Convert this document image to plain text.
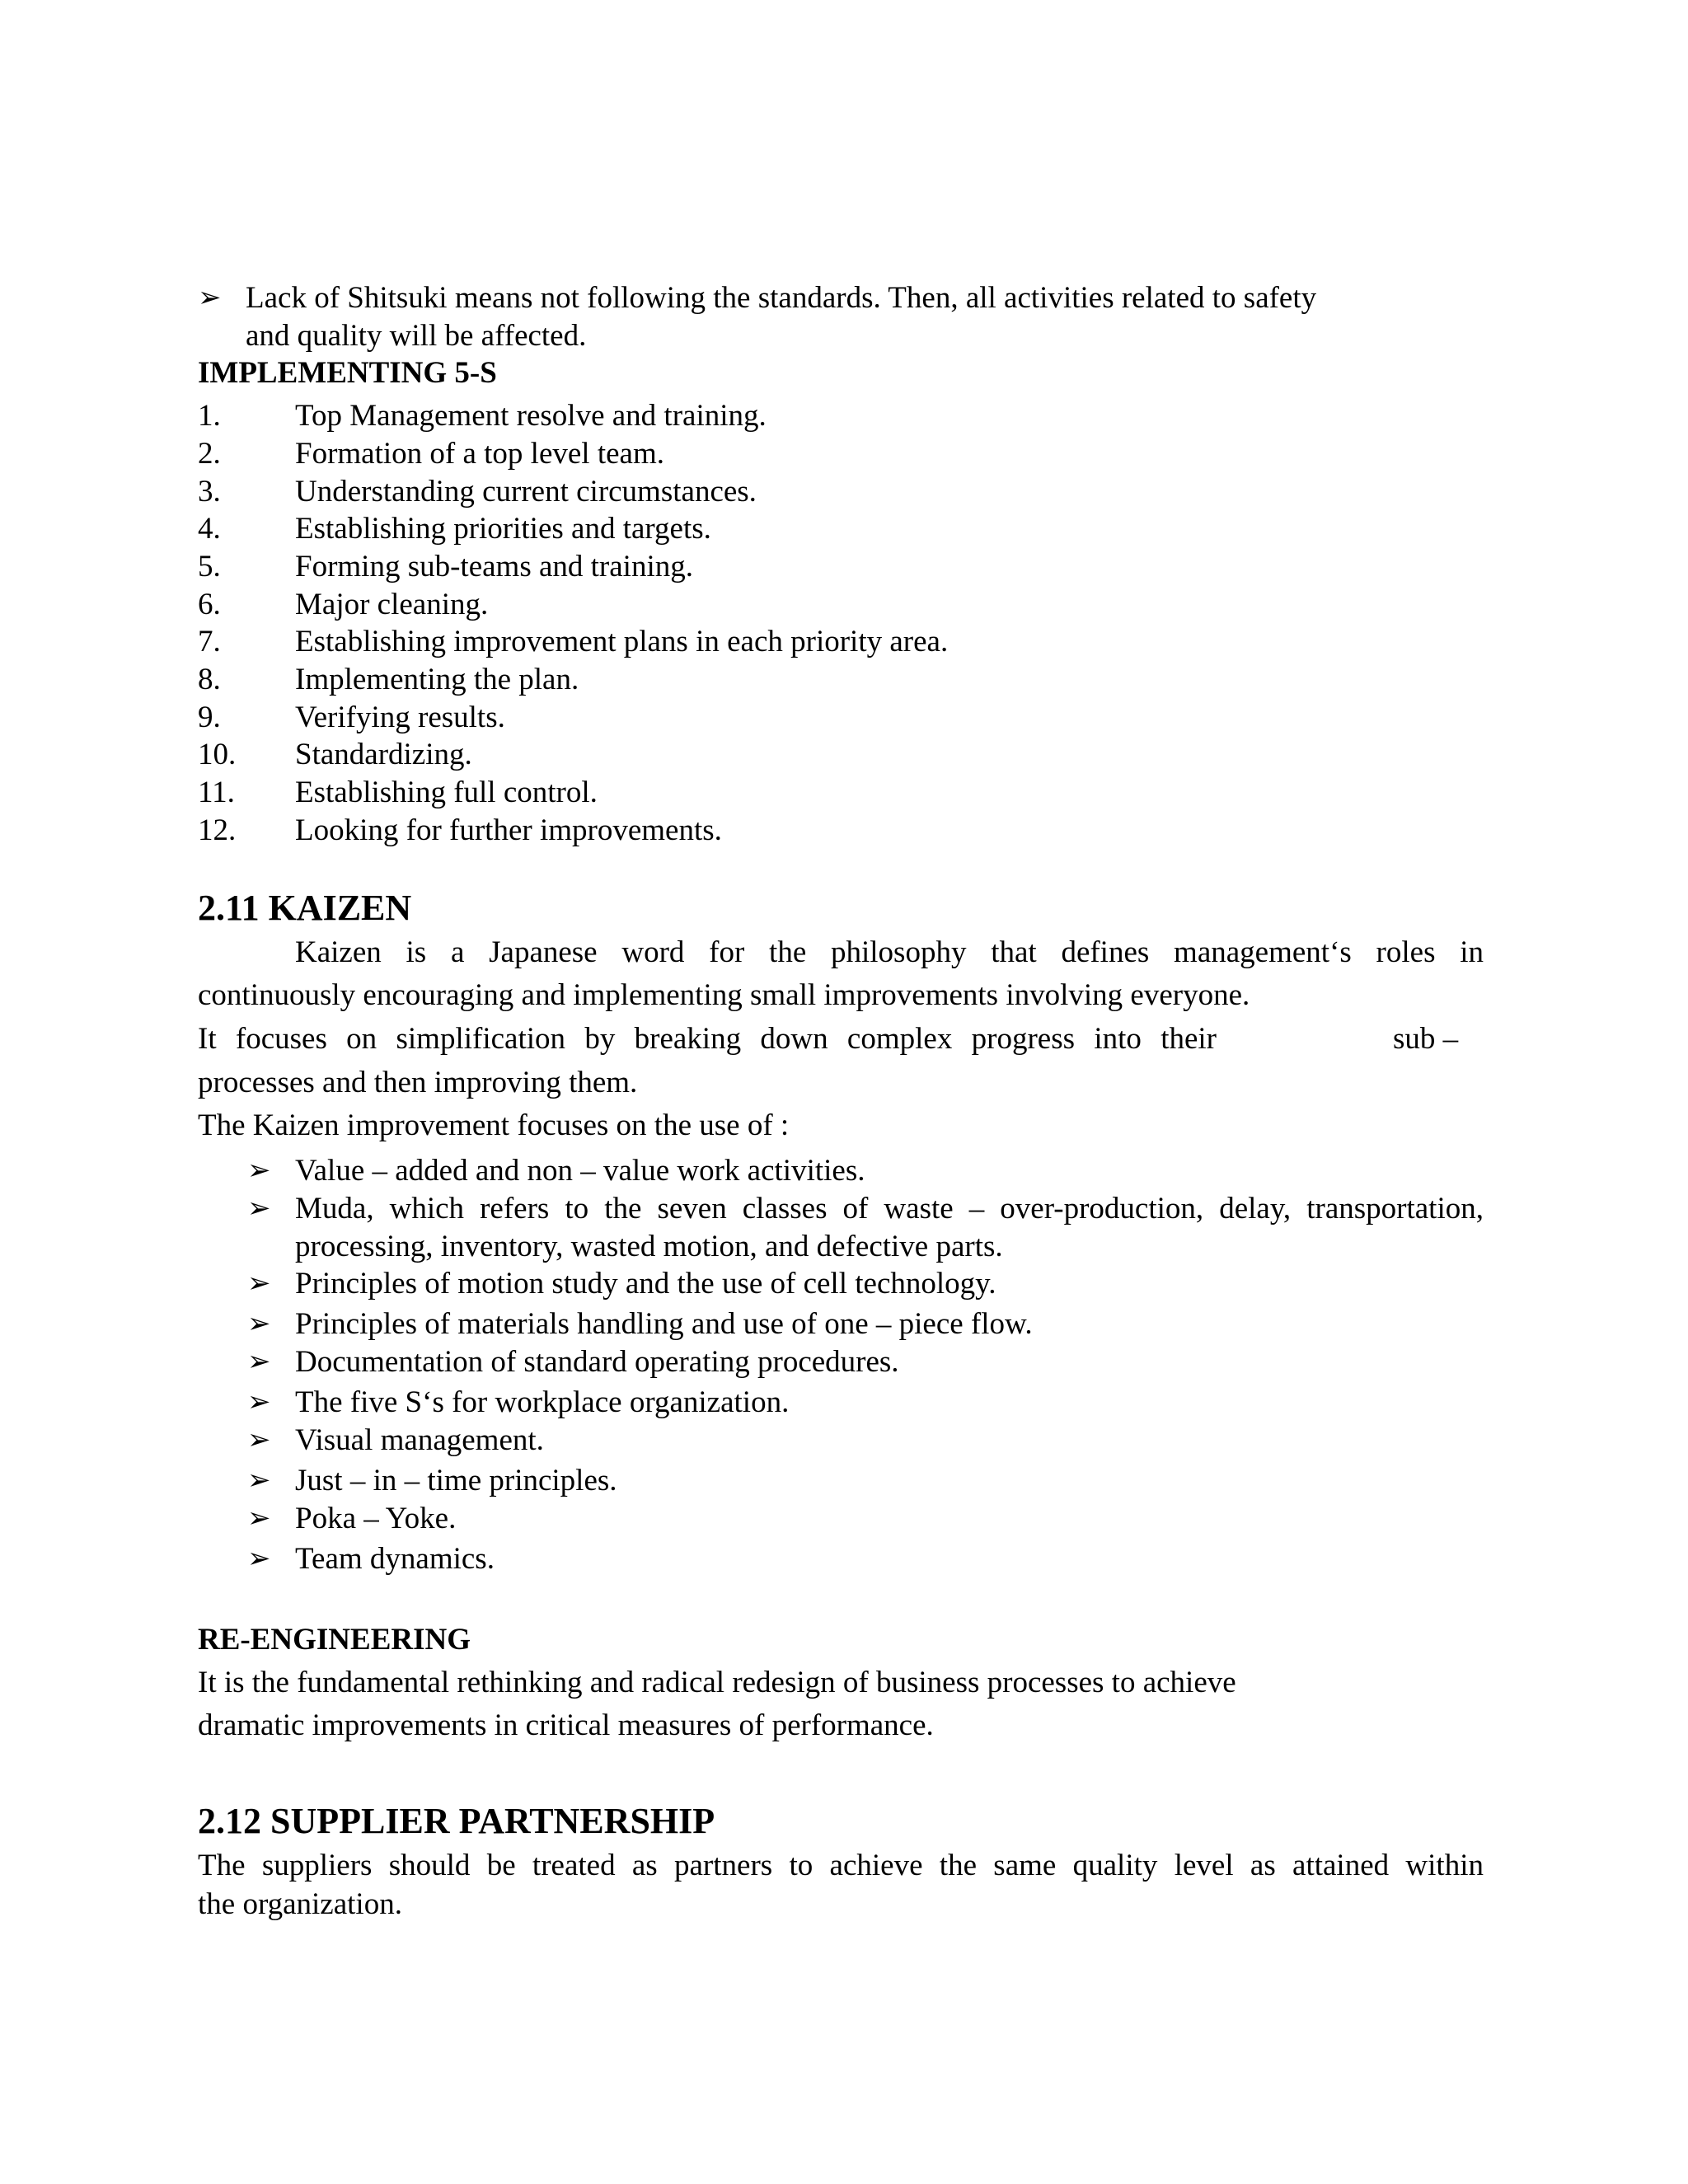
➢ Lack of Shitsuki means not following the standards. Then, all activities related to safety
and quality will be affected.
IMPLEMENTING 5-S
1. Top Management resolve and training.
2. Formation of a top level team.
3. Understanding current circumstances.
4. Establishing priorities and targets.
5. Forming sub-teams and training.
6. Major cleaning.
7. Establishing improvement plans in each priority area.
8. Implementing the plan.
9. Verifying results.
10. Standardizing.
11. Establishing full control.
12. Looking for further improvements.
2.11 KAIZEN
Kaizen is a Japanese word for the philosophy that defines management‘s roles in
continuously encouraging and implementing small improvements involving everyone.
It focuses on simplification by breaking down complex progress into their	sub –
processes and then improving them.
The Kaizen improvement focuses on the use of :
➢ Value – added and non – value work activities.
➢ Muda, which refers to the seven classes of waste – over-production, delay, transportation,
processing, inventory, wasted motion, and defective parts.
➢ Principles of motion study and the use of cell technology.
➢ Principles of materials handling and use of one – piece flow.
➢ Documentation of standard operating procedures.
➢ The five S‘s for workplace organization.
➢ Visual management.
➢ Just – in – time principles.
➢ Poka – Yoke.
➢ Team dynamics.
RE-ENGINEERING
It is the fundamental rethinking and radical redesign of business processes to achieve
dramatic improvements in critical measures of performance.
2.12 SUPPLIER PARTNERSHIP
The suppliers should be treated as partners to achieve the same quality level as attained within
the organization.
